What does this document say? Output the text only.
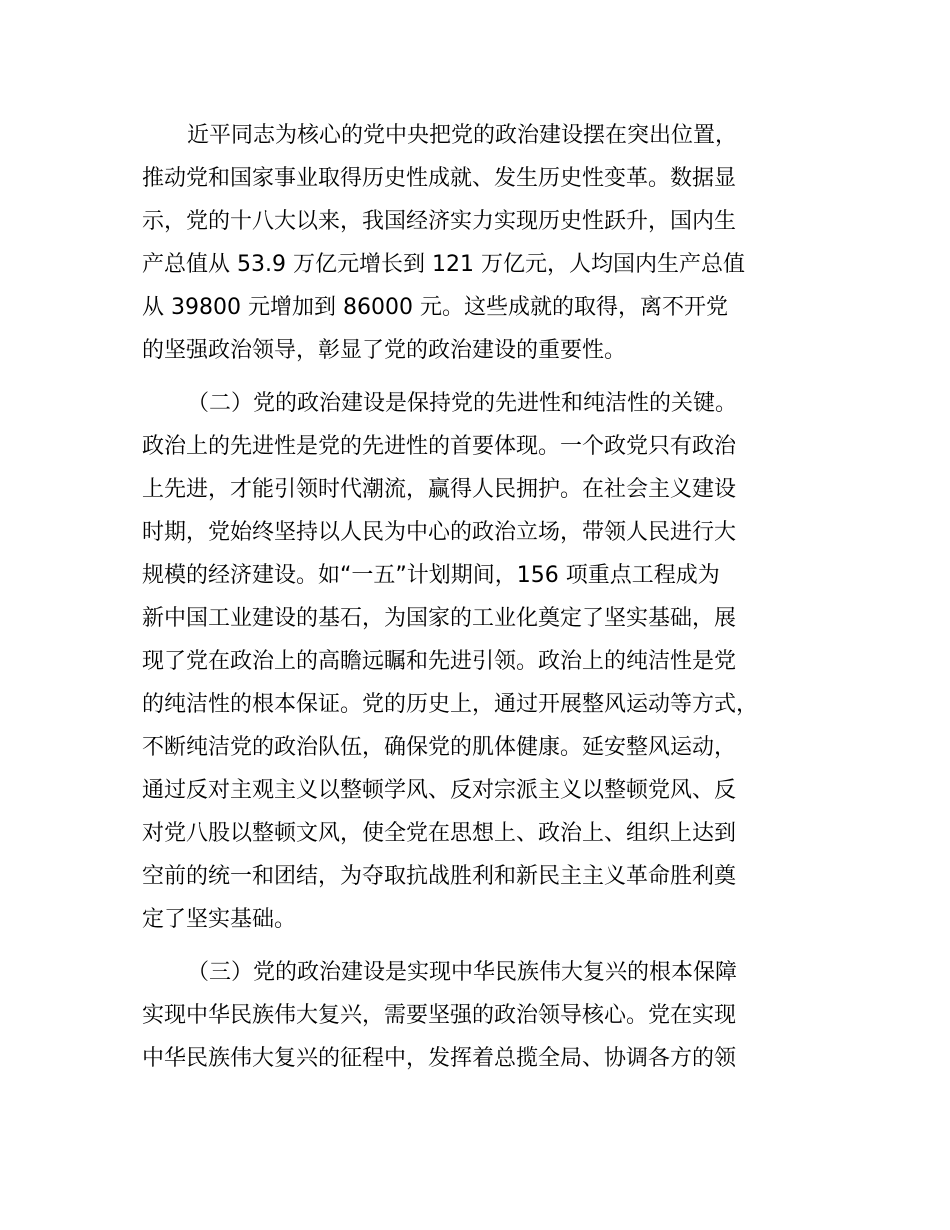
近平同志为核心的党中央把党的政治建设摆在突出位置，

推动党和国家事业取得历史性成就、发生历史性变革。数据显

示，党的十八大以来，我国经济实力实现历史性跃升，国内生

产总值从 53.9 万亿元增长到 121 万亿元，人均国内生产总值

从 39800 元增加到 86000 元。这些成就的取得，离不开党

的坚强政治领导，彰显了党的政治建设的重要性。

（二）党的政治建设是保持党的先进性和纯洁性的关键。

政治上的先进性是党的先进性的首要体现。一个政党只有政治

上先进，才能引领时代潮流，赢得人民拥护。在社会主义建设

时期，党始终坚持以人民为中心的政治立场，带领人民进行大

规模的经济建设。如“一五”计划期间，156 项重点工程成为

新中国工业建设的基石，为国家的工业化奠定了坚实基础，展

现了党在政治上的高瞻远瞩和先进引领。政治上的纯洁性是党

的纯洁性的根本保证。党的历史上，通过开展整风运动等方式，

不断纯洁党的政治队伍，确保党的肌体健康。延安整风运动，

通过反对主观主义以整顿学风、反对宗派主义以整顿党风、反

对党八股以整顿文风，使全党在思想上、政治上、组织上达到

空前的统一和团结，为夺取抗战胜利和新民主主义革命胜利奠

定了坚实基础。

（三）党的政治建设是实现中华民族伟大复兴的根本保障

实现中华民族伟大复兴，需要坚强的政治领导核心。党在实现

中华民族伟大复兴的征程中，发挥着总揽全局、协调各方的领
